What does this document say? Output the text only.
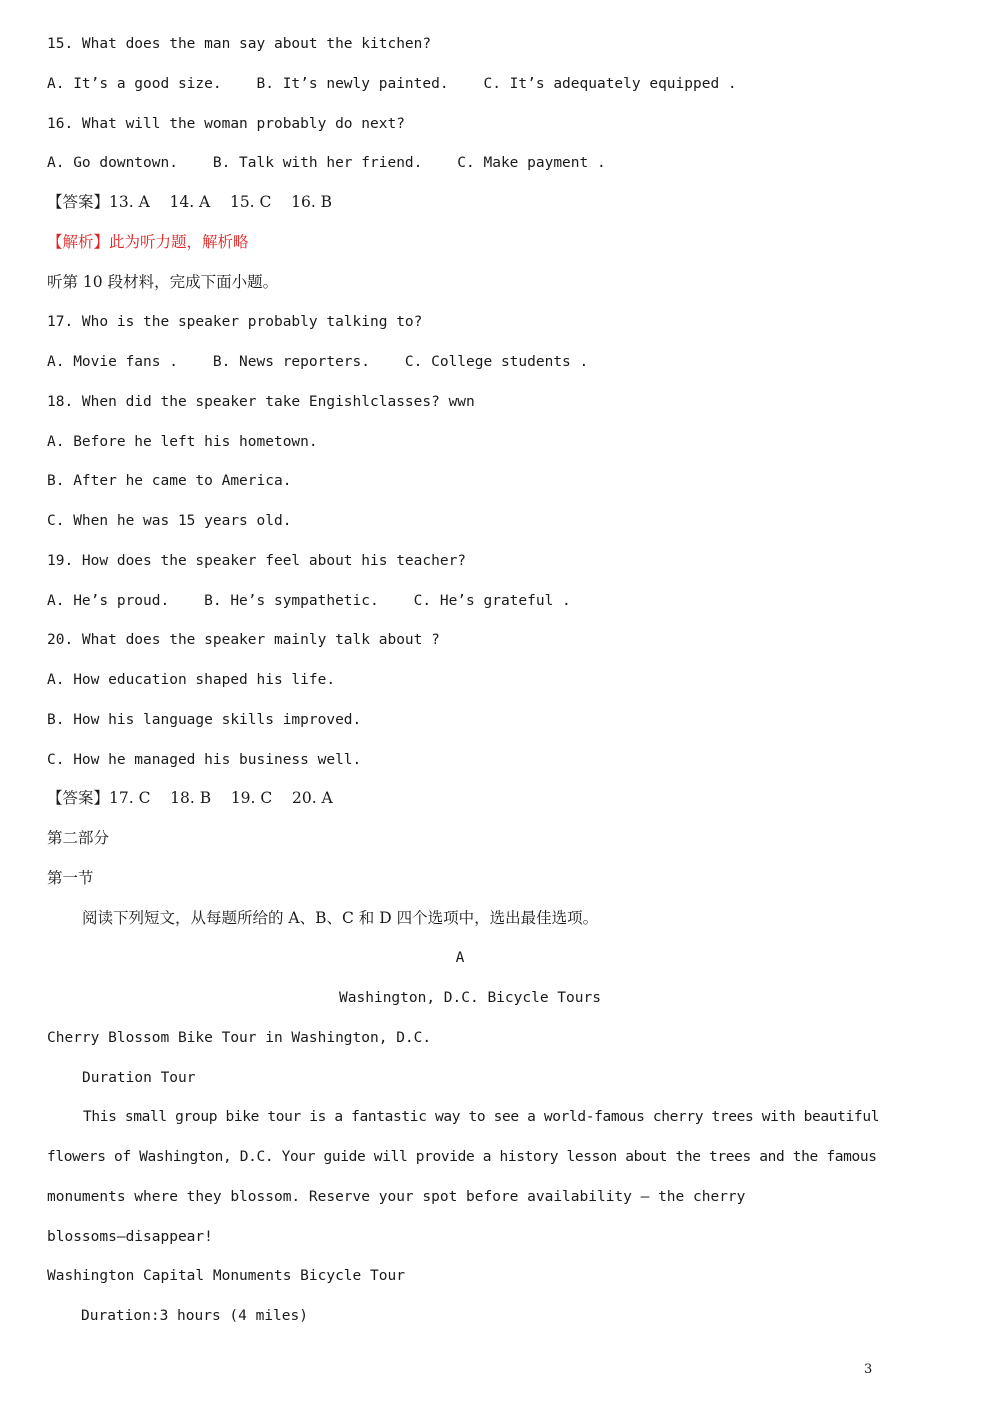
15. What does the man say about the kitchen?
A. It’s a good size.    B. It’s newly painted.    C. It’s adequately equipped .
16. What will the woman probably do next?
A. Go downtown.    B. Talk with her friend.    C. Make payment .
【答案】13. A    14. A    15. C    16. B
【解析】此为听力题，解析略
听第 10 段材料，完成下面小题。
17. Who is the speaker probably talking to?
A. Movie fans .    B. News reporters.    C. College students .
18. When did the speaker take Engishlclasses? wwn
A. Before he left his hometown.
B. After he came to America.
C. When he was 15 years old.
19. How does the speaker feel about his teacher?
A. He’s proud.    B. He’s sympathetic.    C. He’s grateful .
20. What does the speaker mainly talk about ?
A. How education shaped his life.
B. How his language skills improved.
C. How he managed his business well.
【答案】17. C    18. B    19. C    20. A
第二部分
第一节
阅读下列短文，从每题所给的 A、B、C 和 D 四个选项中，选出最佳选项。
A
Washington, D.C. Bicycle Tours
Cherry Blossom Bike Tour in Washington, D.C.
Duration Tour
This small group bike tour is a fantastic way to see a world-famous cherry trees with beautiful
flowers of Washington, D.C. Your guide will provide a history lesson about the trees and the famous
monuments where they blossom. Reserve your spot before availability — the cherry
blossoms—disappear!
Washington Capital Monuments Bicycle Tour
Duration:3 hours (4 miles)
3
